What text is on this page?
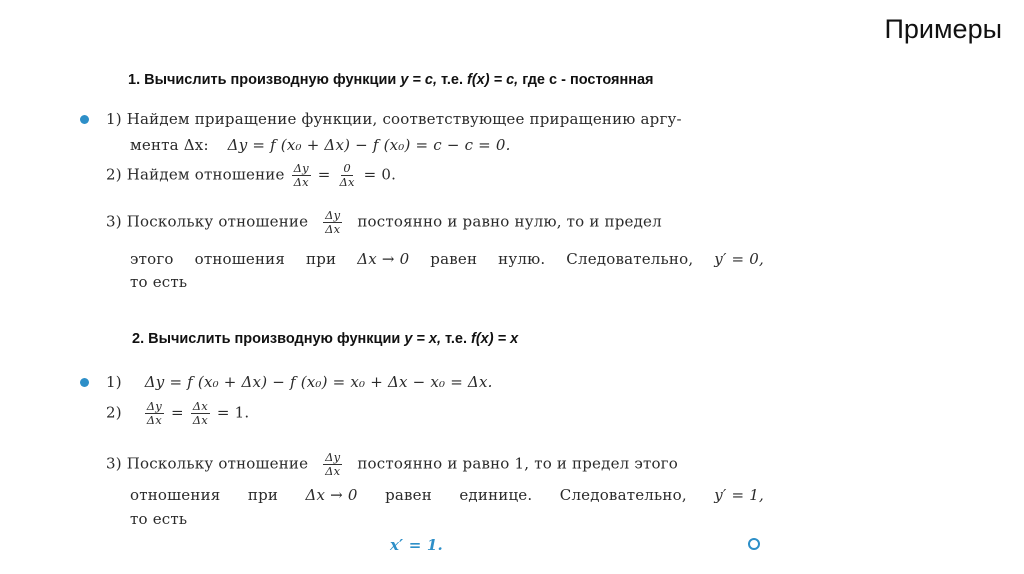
Примеры
1. Вычислить производную функции y = c, т.е. f(x) = c, где с - постоянная
1) Найдем приращение функции, соответствующее приращению аргу-
мента Δx: Δy = f (x₀ + Δx) − f (x₀) = c − c = 0.
2) Найдем отношение $\frac{\Delta y}{\Delta x} = \frac{0}{\Delta x} = 0$.
3) Поскольку отношение $\frac{\Delta y}{\Delta x}$ постоянно и равно нулю, то и предел
этого отношения при Δx → 0 равен нулю. Следовательно, y′ = 0,
то есть
2. Вычислить производную функции y = x, т.е. f(x) = x
1) Δy = f (x₀ + Δx) − f (x₀) = x₀ + Δx − x₀ = Δx.
$2) \frac{\Delta y}{\Delta x} = \frac{\Delta x}{\Delta x} = 1$.
3) Поскольку отношение $\frac{\Delta y}{\Delta x}$ постоянно и равно 1, то и предел этого
отношения при Δx → 0 равен единице. Следовательно, y′ = 1,
то есть
x′ = 1.
